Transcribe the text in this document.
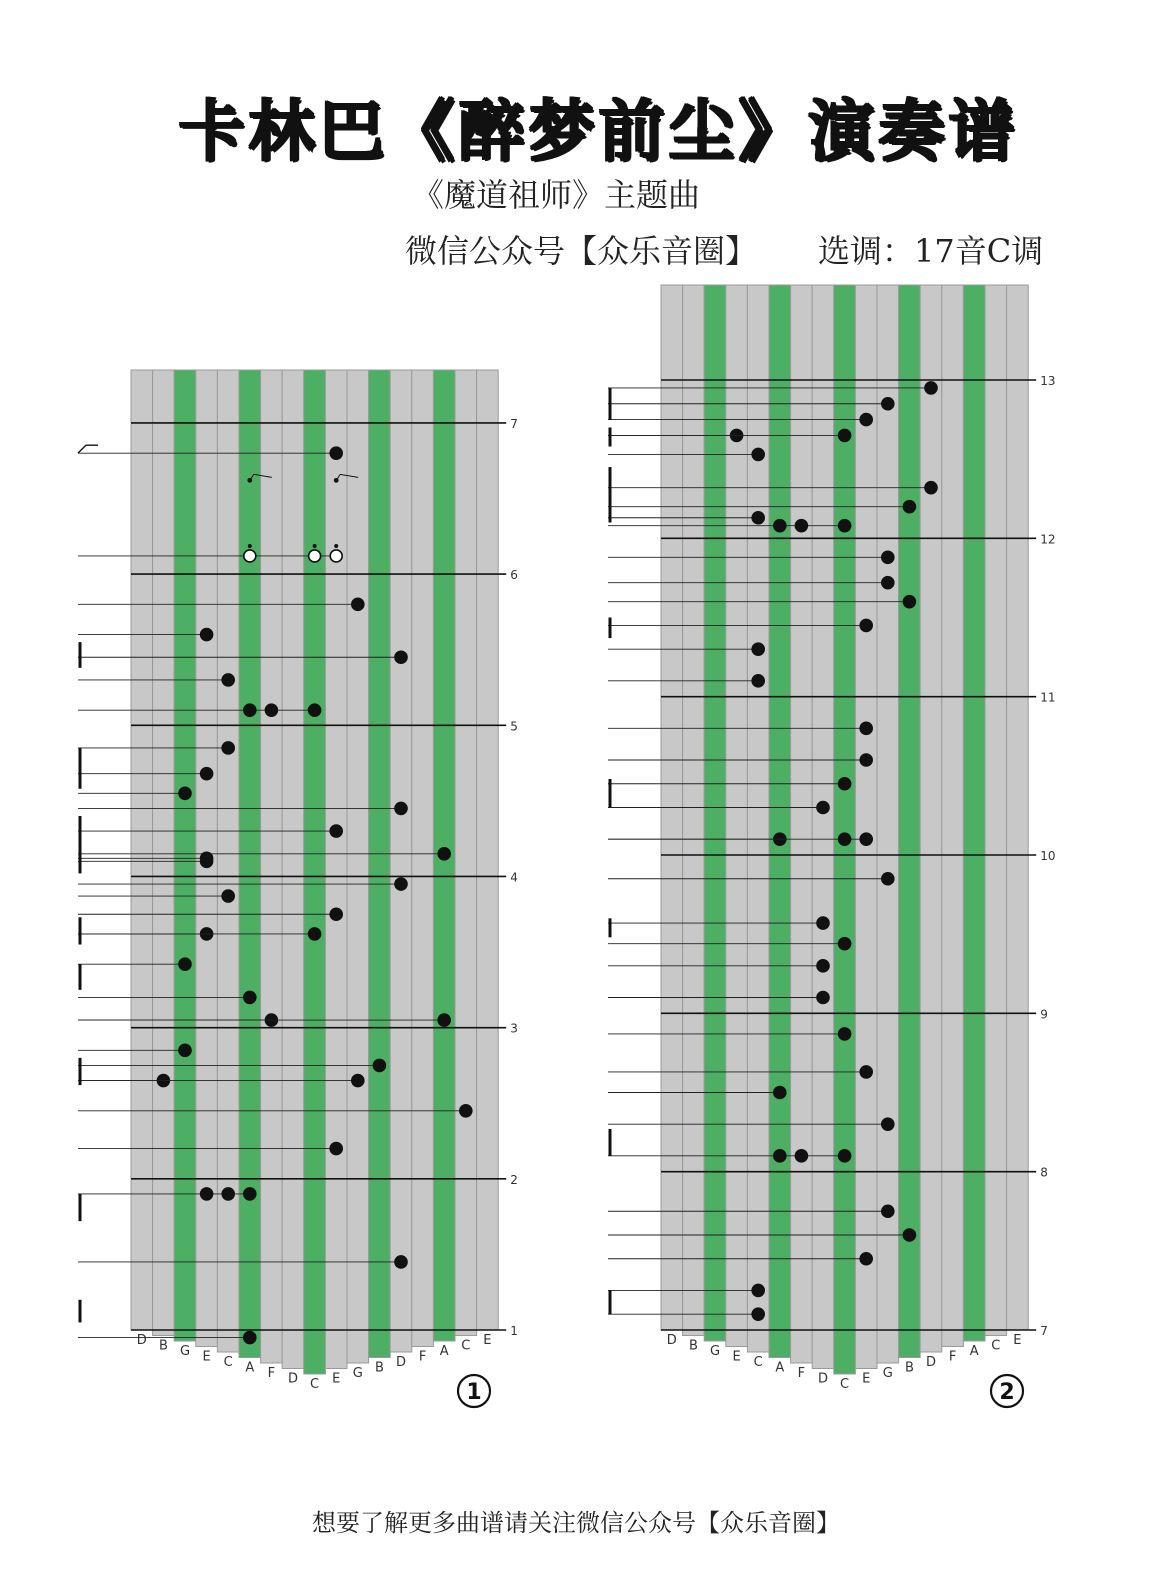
卡林巴《醉梦前尘》演奏谱
《魔道祖师》主题曲
微信公众号【众乐音圈】 选调：17音C调
D B G E C A F D C E G B D F A C E
1
2
3
4
5
6
7
1
D B G E C A F D C E G B D F A C E
7
8
9
10
11
12
13
2
想要了解更多曲谱请关注微信公众号【众乐音圈】
